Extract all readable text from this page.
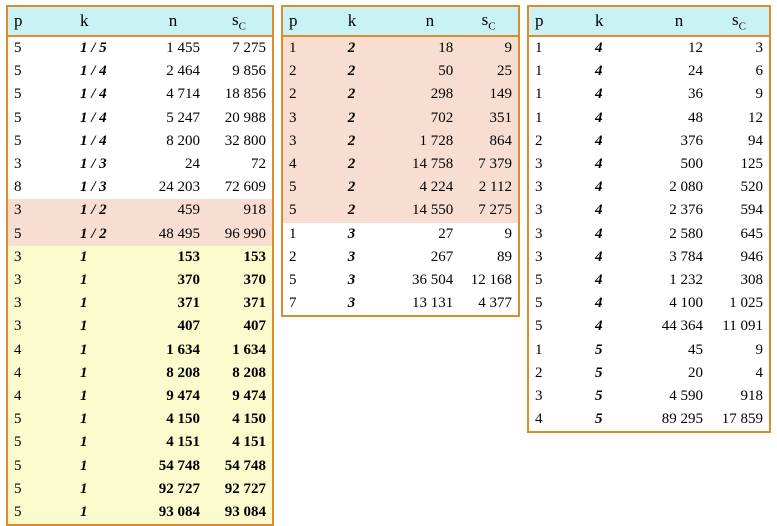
p	k	n	$s_C$
5	1 / 5	1 455	7 275
5	1 / 4	2 464	9 856
5	1 / 4	4 714	18 856
5	1 / 4	5 247	20 988
5	1 / 4	8 200	32 800
3	1 / 3	24	72
8	1 / 3	24 203	72 609
3	1 / 2	459	918
5	1 / 2	48 495	96 990
3	1	153	153
3	1	370	370
3	1	371	371
3	1	407	407
4	1	1 634	1 634
4	1	8 208	8 208
4	1	9 474	9 474
5	1	4 150	4 150
5	1	4 151	4 151
5	1	54 748	54 748
5	1	92 727	92 727
5	1	93 084	93 084
p	k	n	$s_C$
1	2	18	9
2	2	50	25
2	2	298	149
3	2	702	351
3	2	1 728	864
4	2	14 758	7 379
5	2	4 224	2 112
5	2	14 550	7 275
1	3	27	9
2	3	267	89
5	3	36 504	12 168
7	3	13 131	4 377
p	k	n	$s_C$
1	4	12	3
1	4	24	6
1	4	36	9
1	4	48	12
2	4	376	94
3	4	500	125
3	4	2 080	520
3	4	2 376	594
3	4	2 580	645
3	4	3 784	946
5	4	1 232	308
5	4	4 100	1 025
5	4	44 364	11 091
1	5	45	9
2	5	20	4
3	5	4 590	918
4	5	89 295	17 859
